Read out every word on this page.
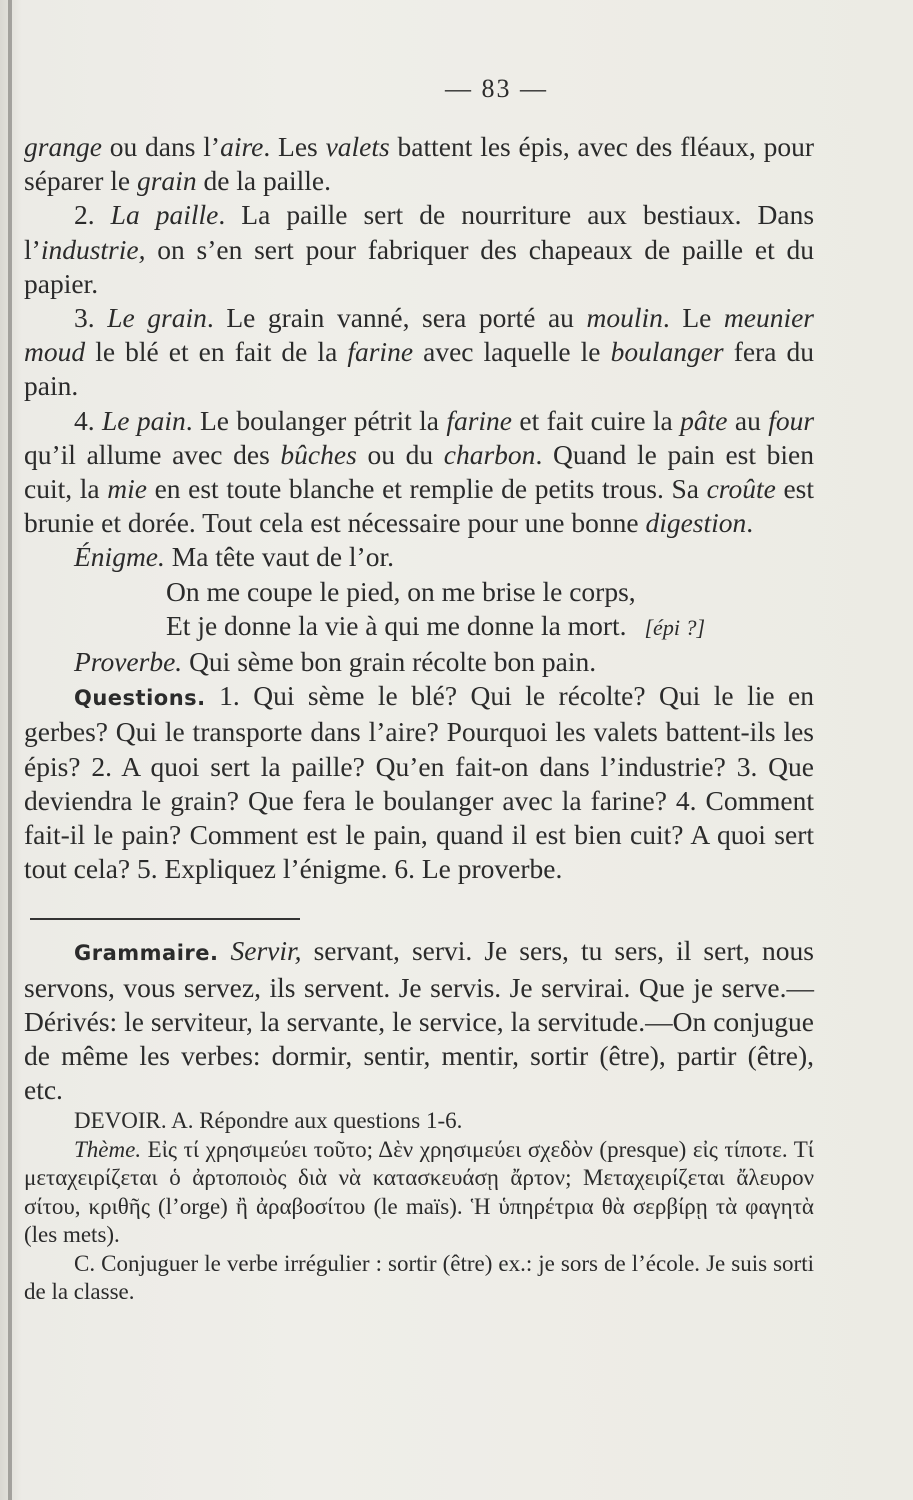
— 83 —

grange ou dans l’aire. Les valets battent les épis, avec des fléaux, pour séparer le grain de la paille.

2. La paille. La paille sert de nourriture aux bestiaux. Dans l’industrie, on s’en sert pour fabriquer des chapeaux de paille et du papier.

3. Le grain. Le grain vanné, sera porté au moulin. Le meunier moud le blé et en fait de la farine avec laquelle le boulanger fera du pain.

4. Le pain. Le boulanger pétrit la farine et fait cuire la pâte au four qu’il allume avec des bûches ou du charbon. Quand le pain est bien cuit, la mie en est toute blanche et remplie de petits trous. Sa croûte est brunie et dorée. Tout cela est nécessaire pour une bonne digestion.

Énigme. Ma tête vaut de l’or.

On me coupe le pied, on me brise le corps,

Et je donne la vie à qui me donne la mort. [épi ?]

Proverbe. Qui sème bon grain récolte bon pain.

Questions. 1. Qui sème le blé? Qui le récolte? Qui le lie en gerbes? Qui le transporte dans l’aire? Pourquoi les valets battent-ils les épis? 2. A quoi sert la paille? Qu’en fait-on dans l’industrie? 3. Que deviendra le grain? Que fera le boulanger avec la farine? 4. Comment fait-il le pain? Comment est le pain, quand il est bien cuit? A quoi sert tout cela? 5. Expliquez l’énigme. 6. Le proverbe.

Grammaire. Servir, servant, servi. Je sers, tu sers, il sert, nous servons, vous servez, ils servent. Je servis. Je servirai. Que je serve.—Dérivés: le serviteur, la servante, le service, la servitude.—On conjugue de même les verbes: dormir, sentir, mentir, sortir (être), partir (être), etc.

DEVOIR. A. Répondre aux questions 1-6.

Thème. Εἰς τί χρησιμεύει τοῦτο; Δὲν χρησιμεύει σχεδὸν (presque) εἰς τίποτε. Τί μεταχειρίζεται ὁ ἀρτοποιὸς διὰ νὰ κατασκευάσῃ ἄρτον; Μεταχειρίζεται ἄλευρον σίτου, κριθῆς (l’orge) ἢ ἀραβοσίτου (le maïs). Ἡ ὑπηρέτρια θὰ σερβίρῃ τὰ φαγητὰ (les mets).

C. Conjuguer le verbe irrégulier : sortir (être) ex.: je sors de l’école. Je suis sorti de la classe.
